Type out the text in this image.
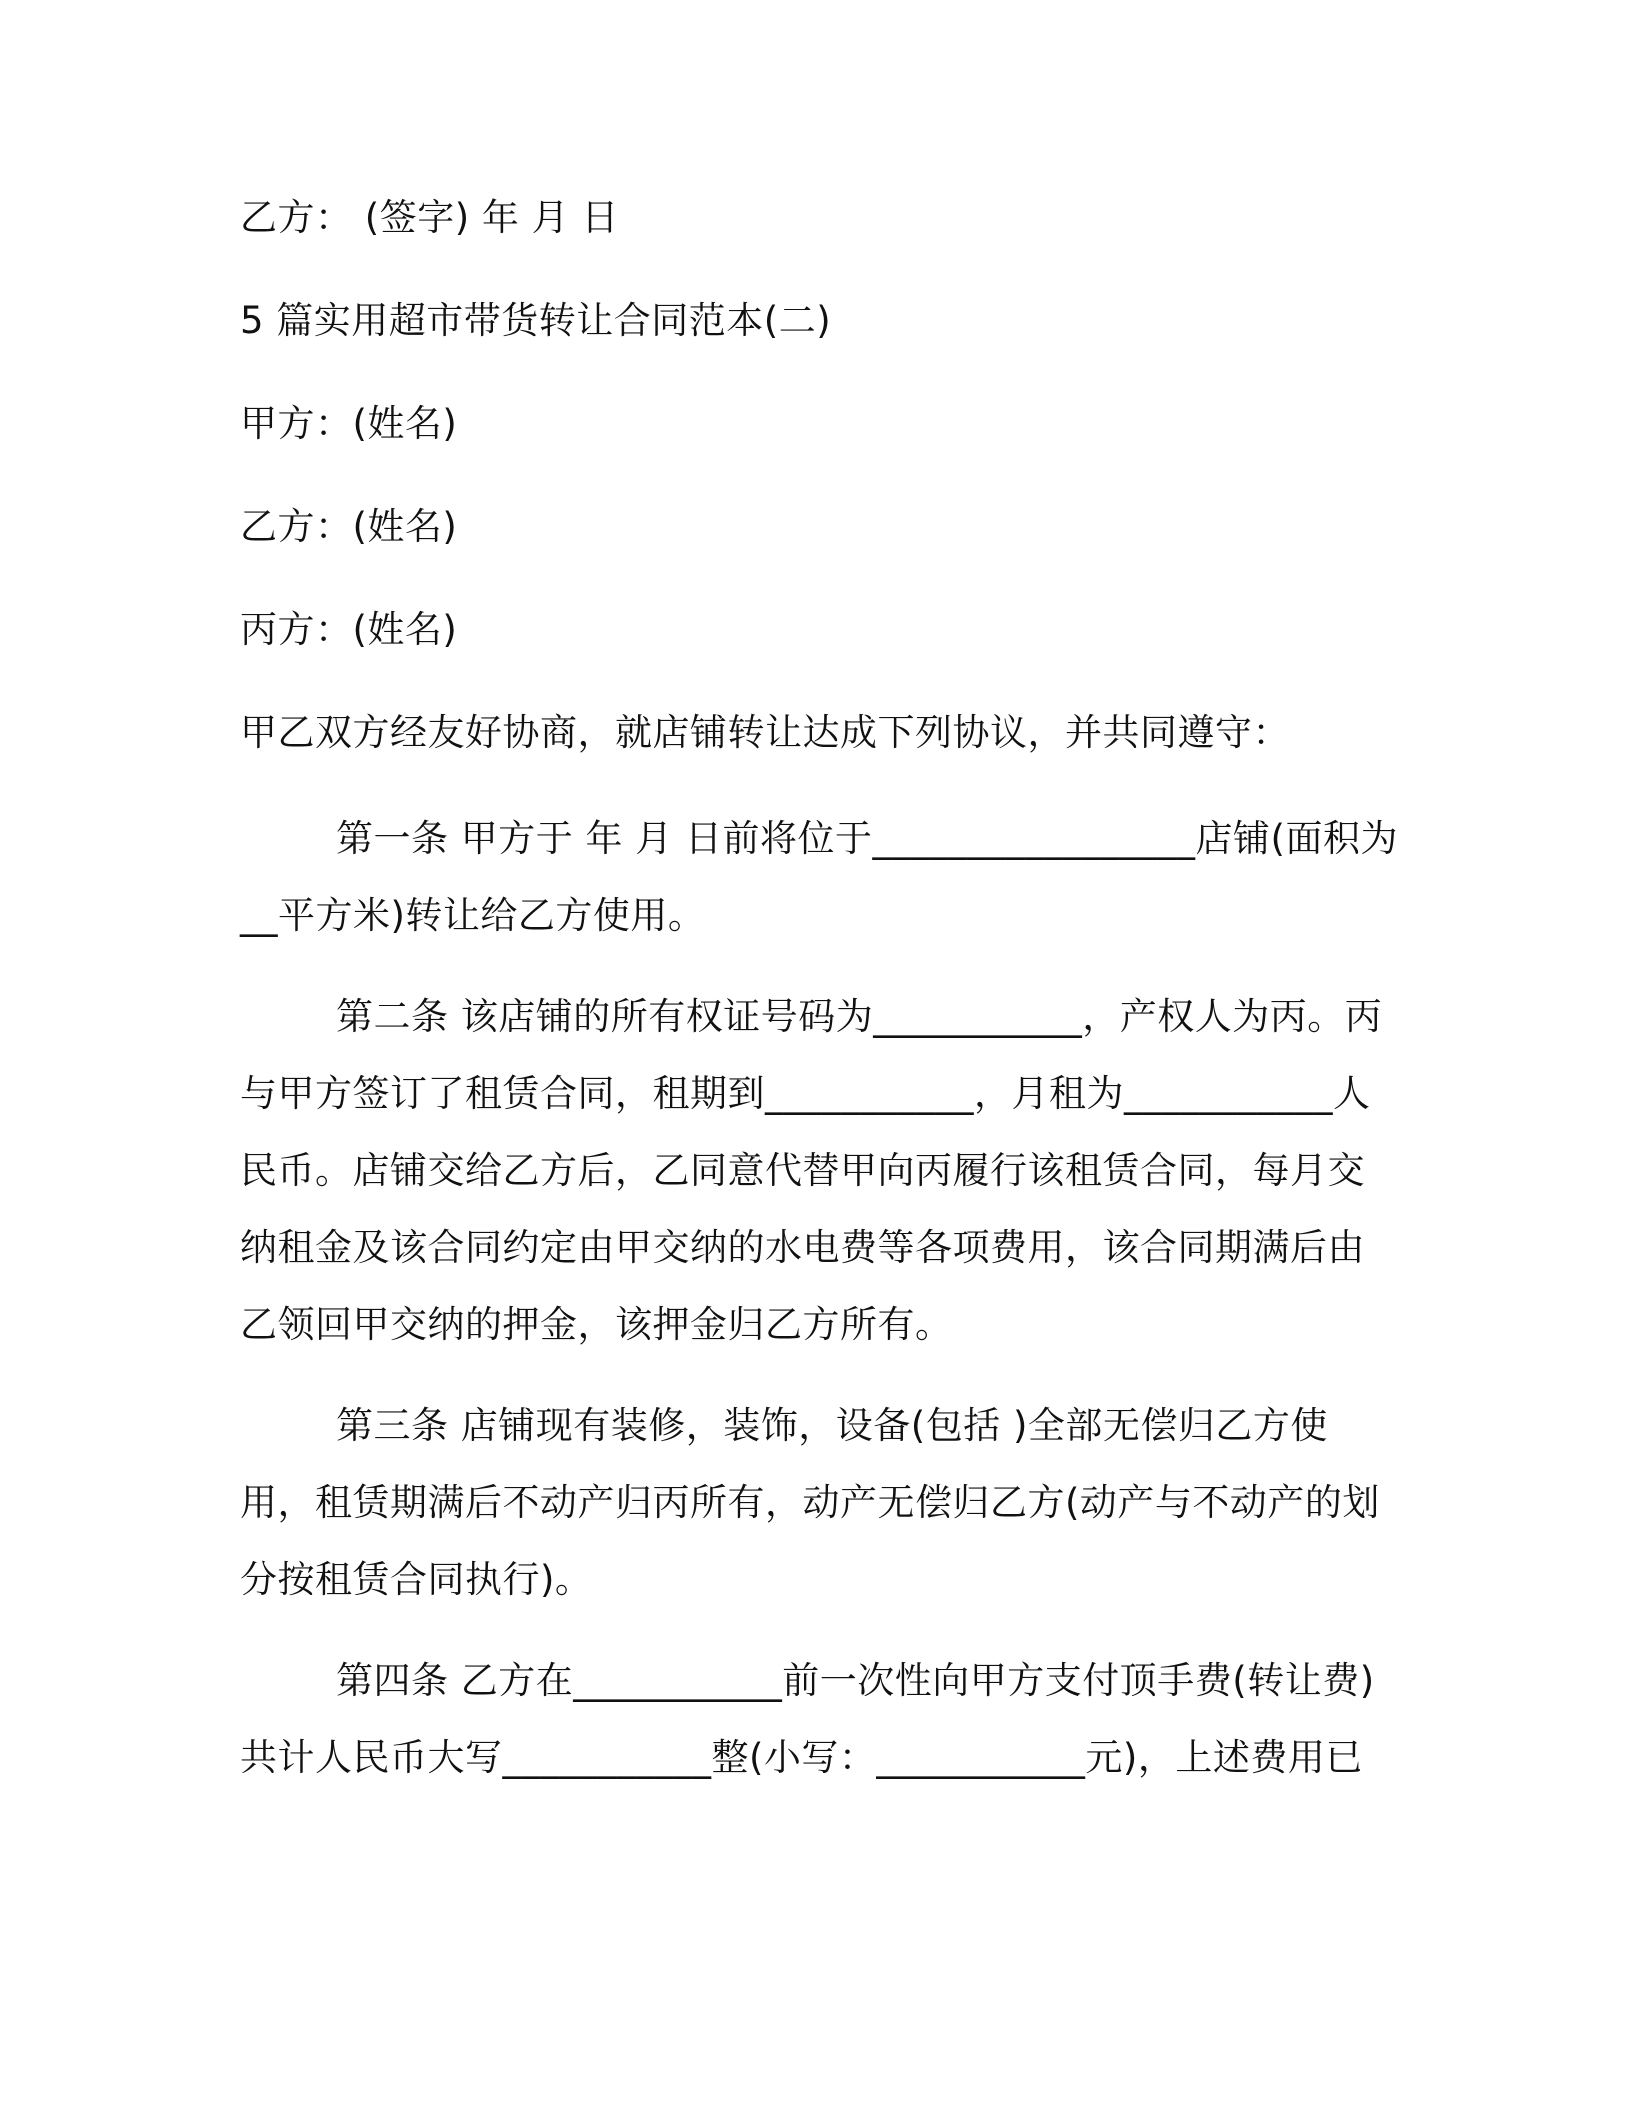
乙方： (签字) 年 月 日
5 篇实用超市带货转让合同范本(二)
甲方：(姓名)
乙方：(姓名)
丙方：(姓名)
甲乙双方经友好协商，就店铺转让达成下列协议，并共同遵守：

第一条 甲方于 年 月 日前将位于_________________店铺(面积为__平方米)转让给乙方使用。

第二条 该店铺的所有权证号码为___________，产权人为丙。丙与甲方签订了租赁合同，租期到___________，月租为___________人民币。店铺交给乙方后，乙同意代替甲向丙履行该租赁合同，每月交纳租金及该合同约定由甲交纳的水电费等各项费用，该合同期满后由乙领回甲交纳的押金，该押金归乙方所有。

第三条 店铺现有装修，装饰，设备(包括 )全部无偿归乙方使用，租赁期满后不动产归丙所有，动产无偿归乙方(动产与不动产的划分按租赁合同执行)。

第四条 乙方在___________前一次性向甲方支付顶手费(转让费)共计人民币大写___________整(小写：___________元)，上述费用已
